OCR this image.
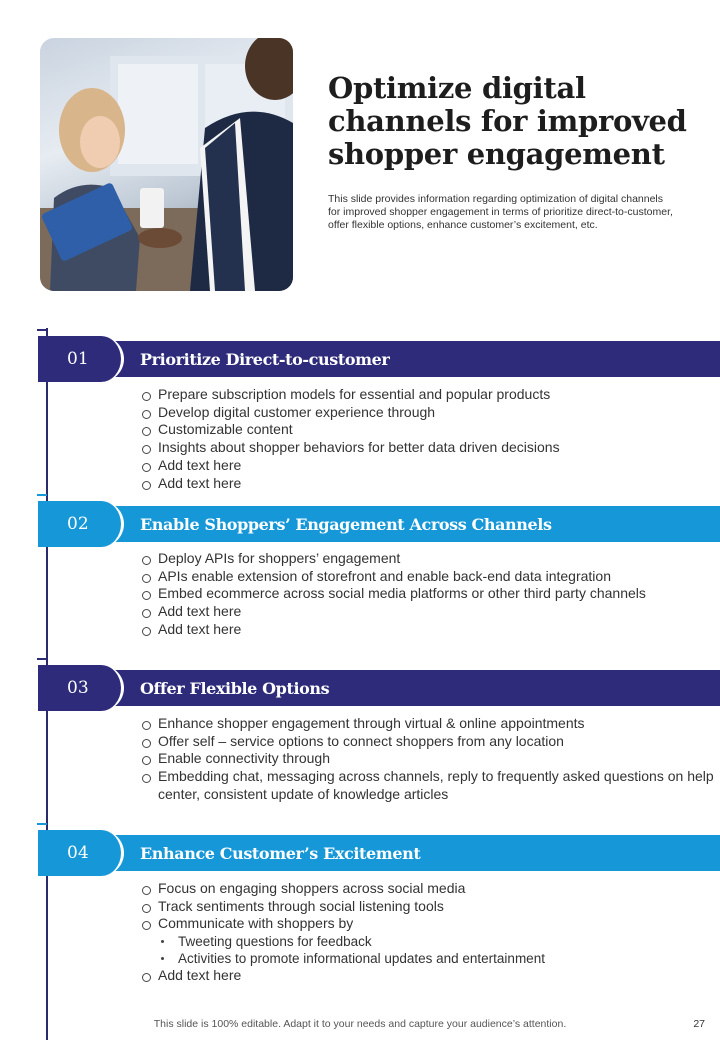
Optimize digital channels for improved shopper engagement

This slide provides information regarding optimization of digital channels for improved shopper engagement in terms of prioritize direct-to-customer, offer flexible options, enhance customer’s excitement, etc.

Prioritize Direct-to-customer
01
Prepare subscription models for essential and popular products
Develop digital customer experience through
Customizable content
Insights about shopper behaviors for better data driven decisions
Add text here
Add text here
Enable Shoppers’ Engagement Across Channels
02
Deploy APIs for shoppers’ engagement
APIs enable extension of storefront and enable back-end data integration
Embed ecommerce across social media platforms or other third party channels
Add text here
Add text here
Offer Flexible Options
03
Enhance shopper engagement through virtual & online appointments
Offer self – service options to connect shoppers from any location
Enable connectivity through
Embedding chat, messaging across channels, reply to frequently asked questions on help center, consistent update of knowledge articles
Enhance Customer’s Excitement
04
Focus on engaging shoppers across social media
Track sentiments through social listening tools
Communicate with shoppers by
Tweeting questions for feedback
Activities to promote informational updates and entertainment
Add text here
This slide is 100% editable. Adapt it to your needs and capture your audience’s attention.	27
